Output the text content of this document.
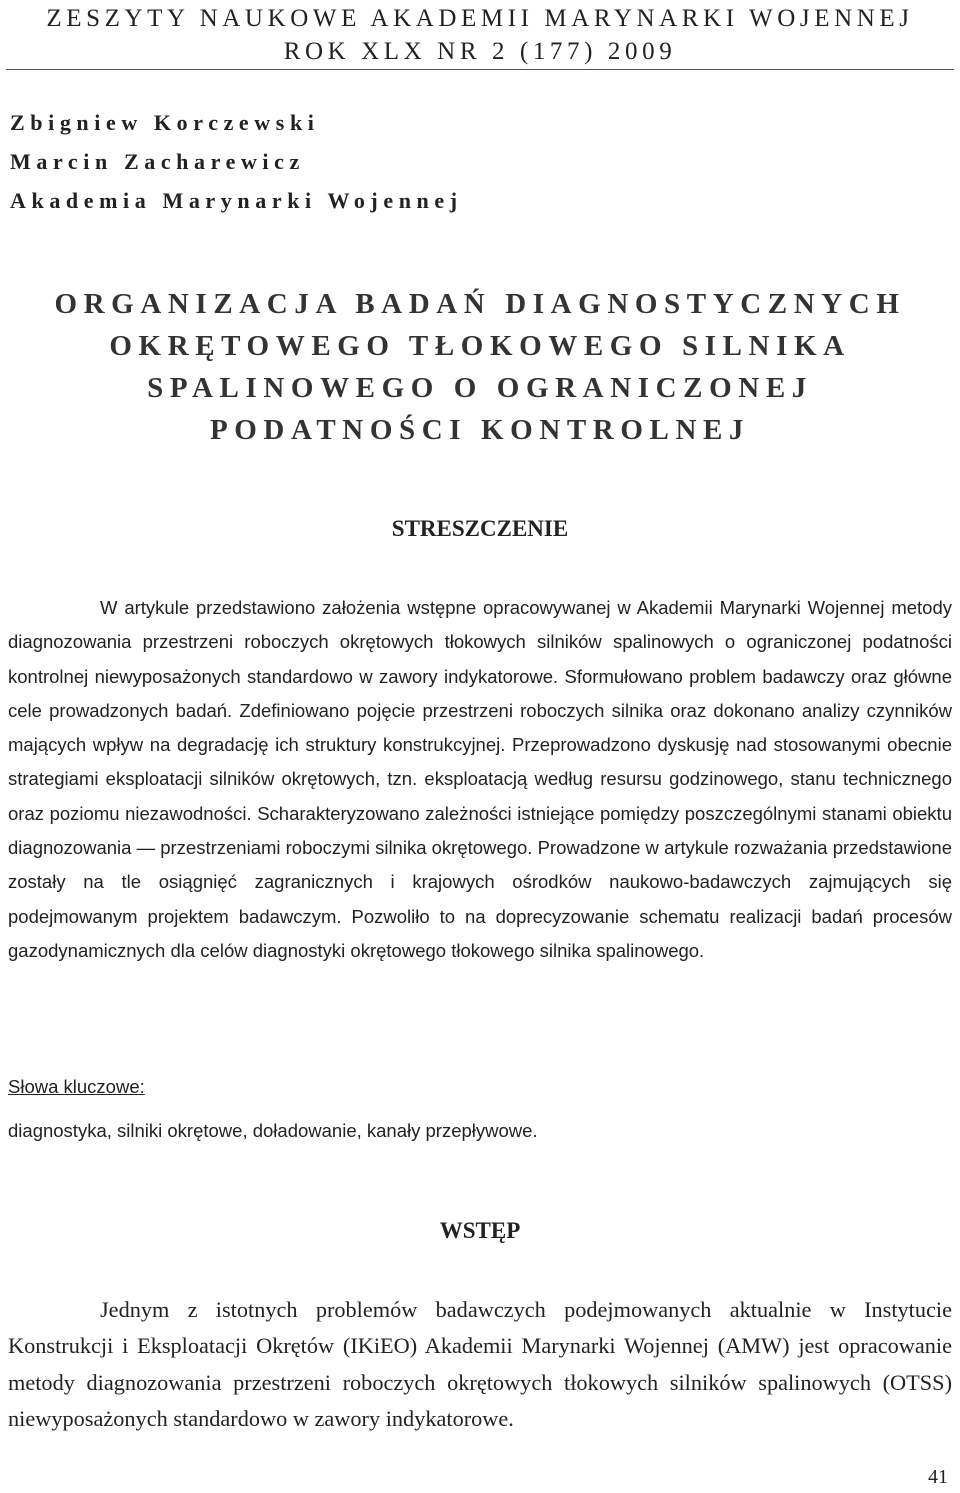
ZESZYTY NAUKOWE AKADEMII MARYNARKI WOJENNEJ
ROK XLX NR 2 (177) 2009
Zbigniew Korczewski
Marcin Zacharewicz
Akademia Marynarki Wojennej
ORGANIZACJA BADAŃ DIAGNOSTYCZNYCH
OKRĘTOWEGO TŁOKOWEGO SILNIKA
SPALINOWEGO O OGRANICZONEJ
PODATNOŚCI KONTROLNEJ
STRESZCZENIE

W artykule przedstawiono założenia wstępne opracowywanej w Akademii Marynarki Wojennej metody diagnozowania przestrzeni roboczych okrętowych tłokowych silników spalinowych o ograniczonej podatności kontrolnej niewyposażonych standardowo w zawory indykatorowe. Sformułowano problem badawczy oraz główne cele prowadzonych badań. Zdefiniowano pojęcie przestrzeni roboczych silnika oraz dokonano analizy czynników mających wpływ na degradację ich struktury konstrukcyjnej. Przeprowadzono dyskusję nad stosowanymi obecnie strategiami eksploatacji silników okrętowych, tzn. eksploatacją według resursu godzinowego, stanu technicznego oraz poziomu niezawodności. Scharakteryzowano zależności istniejące pomiędzy poszczególnymi stanami obiektu diagnozowania — przestrzeniami roboczymi silnika okrętowego. Prowadzone w artykule rozważania przedstawione zostały na tle osiągnięć zagranicznych i krajowych ośrodków naukowo-badawczych zajmujących się podejmowanym projektem badawczym. Pozwoliło to na doprecyzowanie schematu realizacji badań procesów gazodynamicznych dla celów diagnostyki okrętowego tłokowego silnika spalinowego.

Słowa kluczowe:
diagnostyka, silniki okrętowe, doładowanie, kanały przepływowe.
WSTĘP

Jednym z istotnych problemów badawczych podejmowanych aktualnie w Instytucie Konstrukcji i Eksploatacji Okrętów (IKiEO) Akademii Marynarki Wojennej (AMW) jest opracowanie metody diagnozowania przestrzeni roboczych okrętowych tłokowych silników spalinowych (OTSS) niewyposażonych standardowo w zawory indykatorowe.

41
